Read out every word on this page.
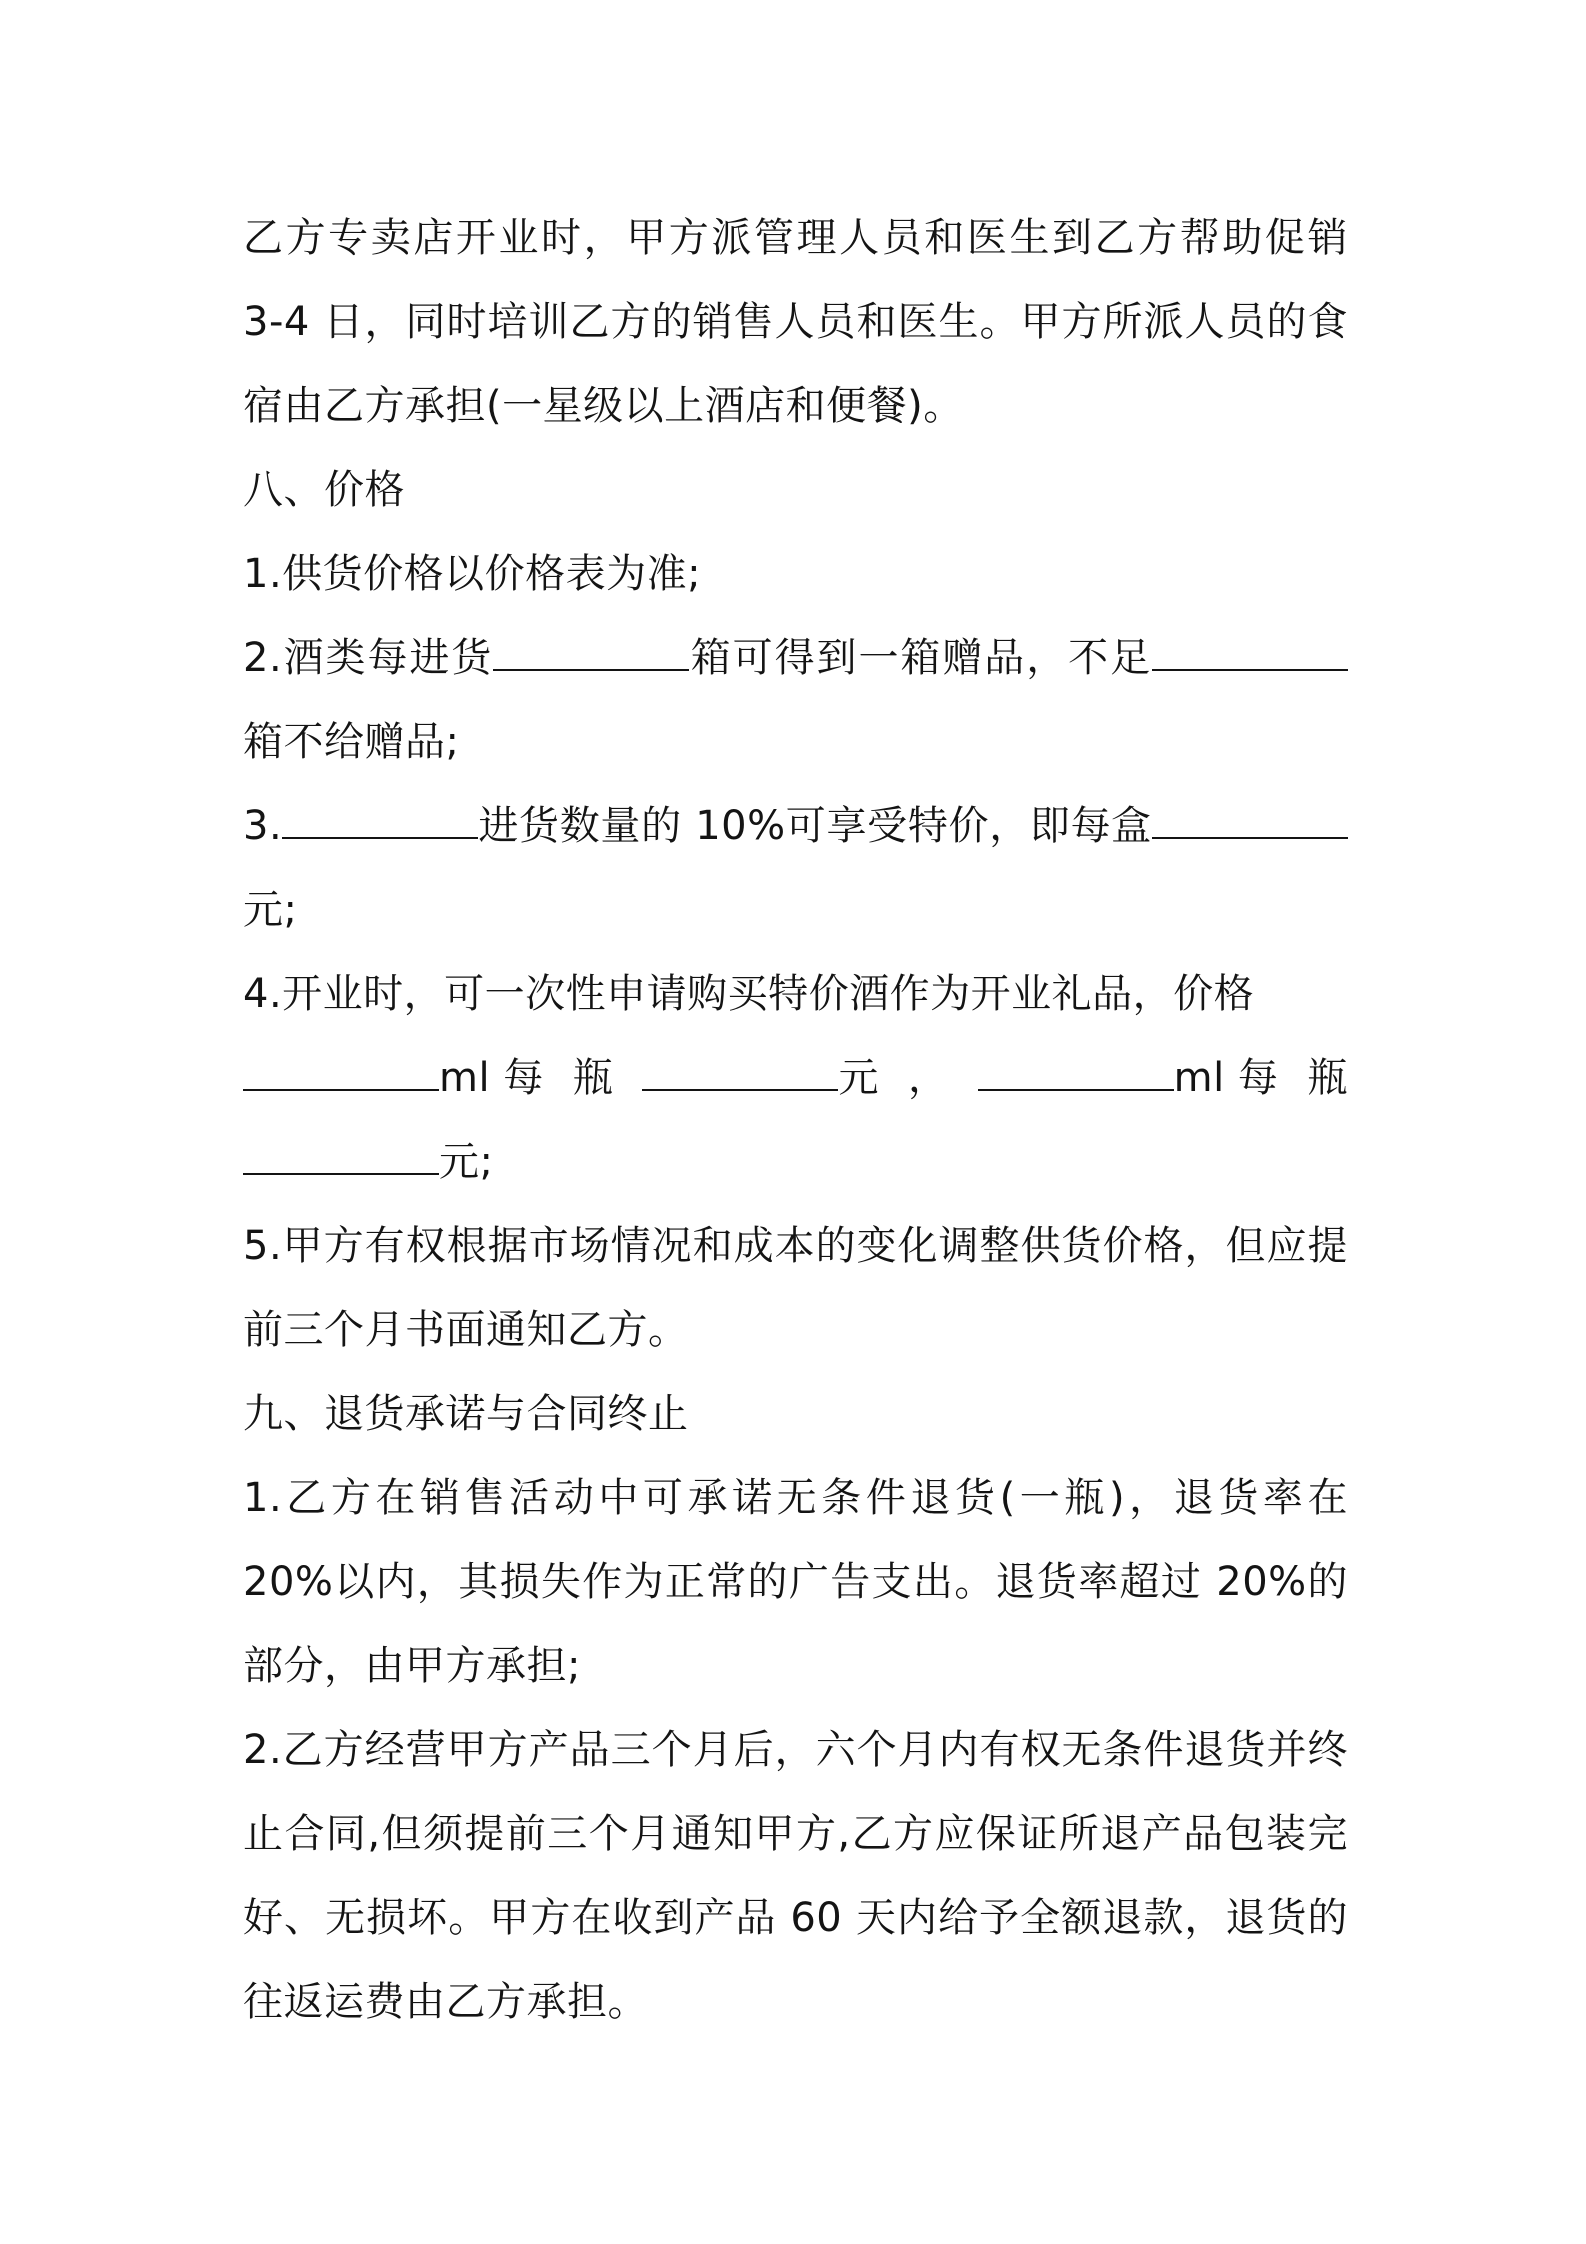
乙方专卖店开业时，甲方派管理人员和医生到乙方帮助促销 3-4 日，同时培训乙方的销售人员和医生。甲方所派人员的食宿由乙方承担(一星级以上酒店和便餐)。

八、价格

1.供货价格以价格表为准;

2.酒类每进货	箱可得到一箱赠品，不足箱不给赠品;

3.	进货数量的 10%可享受特价，即每盒元;

4.开业时，可一次性申请购买特价酒作为开业礼品，价格
ml 每 瓶	元 ，	ml 每 瓶
元;

5.甲方有权根据市场情况和成本的变化调整供货价格，但应提前三个月书面通知乙方。

九、退货承诺与合同终止

1.乙方在销售活动中可承诺无条件退货(一瓶)，退货率在 20%以内，其损失作为正常的广告支出。退货率超过 20%的部分，由甲方承担;

2.乙方经营甲方产品三个月后，六个月内有权无条件退货并终止合同,但须提前三个月通知甲方,乙方应保证所退产品包装完好、无损坏。甲方在收到产品 60 天内给予全额退款，退货的往返运费由乙方承担。
